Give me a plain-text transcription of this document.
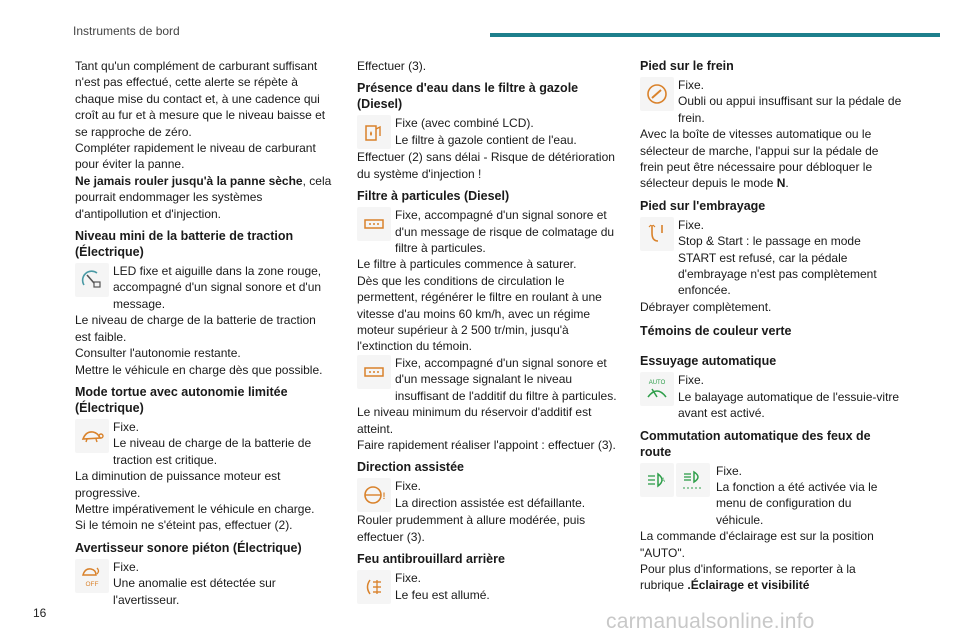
Instruments de bord

Tant qu'un complément de carburant suffisant n'est pas effectué, cette alerte se répète à chaque mise du contact et, à une cadence qui croît au fur et à mesure que le niveau baisse et se rapproche de zéro.

Compléter rapidement le niveau de carburant pour éviter la panne.

Ne jamais rouler jusqu'à la panne sèche, cela pourrait endommager les systèmes d'antipollution et d'injection.

Niveau mini de la batterie de traction (Électrique)
LED fixe et aiguille dans la zone rouge, accompagné d'un signal sonore et d'un message.

Le niveau de charge de la batterie de traction est faible.

Consulter l'autonomie restante.

Mettre le véhicule en charge dès que possible.

Mode tortue avec autonomie limitée (Électrique)
Fixe.
Le niveau de charge de la batterie de traction est critique.

La diminution de puissance moteur est progressive.

Mettre impérativement le véhicule en charge.

Si le témoin ne s'éteint pas, effectuer (2).

Avertisseur sonore piéton (Électrique)
OFF
Fixe.
Une anomalie est détectée sur l'avertisseur.

Effectuer (3).

Présence d'eau dans le filtre à gazole (Diesel)
Fixe (avec combiné LCD).
Le filtre à gazole contient de l'eau.

Effectuer (2) sans délai - Risque de détérioration du système d'injection !

Filtre à particules (Diesel)
Fixe, accompagné d'un signal sonore et d'un message de risque de colmatage du filtre à particules.

Le filtre à particules commence à saturer.

Dès que les conditions de circulation le permettent, régénérer le filtre en roulant à une vitesse d'au moins 60 km/h, avec un régime moteur supérieur à 2 500 tr/min, jusqu'à l'extinction du témoin.

Fixe, accompagné d'un signal sonore et d'un message signalant le niveau insuffisant de l'additif du filtre à particules.

Le niveau minimum du réservoir d'additif est atteint.

Faire rapidement réaliser l'appoint : effectuer (3).

Direction assistée
!
Fixe.
La direction assistée est défaillante.

Rouler prudemment à allure modérée, puis effectuer (3).

Feu antibrouillard arrière
Fixe.
Le feu est allumé.
Pied sur le frein
Fixe.
Oubli ou appui insuffisant sur la pédale de frein.

Avec la boîte de vitesses automatique ou le sélecteur de marche, l'appui sur la pédale de frein peut être nécessaire pour débloquer le sélecteur depuis le mode N.

Pied sur l'embrayage
Fixe.
Stop & Start : le passage en mode START est refusé, car la pédale d'embrayage n'est pas complètement enfoncée.

Débrayer complètement.

Témoins de couleur verte
Essuyage automatique
AUTO Fixe.
Le balayage automatique de l'essuie-vitre avant est activé.
Commutation automatique des feux de route
A
Fixe.
La fonction a été activée via le menu de configuration du véhicule.

La commande d'éclairage est sur la position "AUTO".

Pour plus d'informations, se reporter à la rubrique .Éclairage et visibilité

16	carmanualsonline.info
